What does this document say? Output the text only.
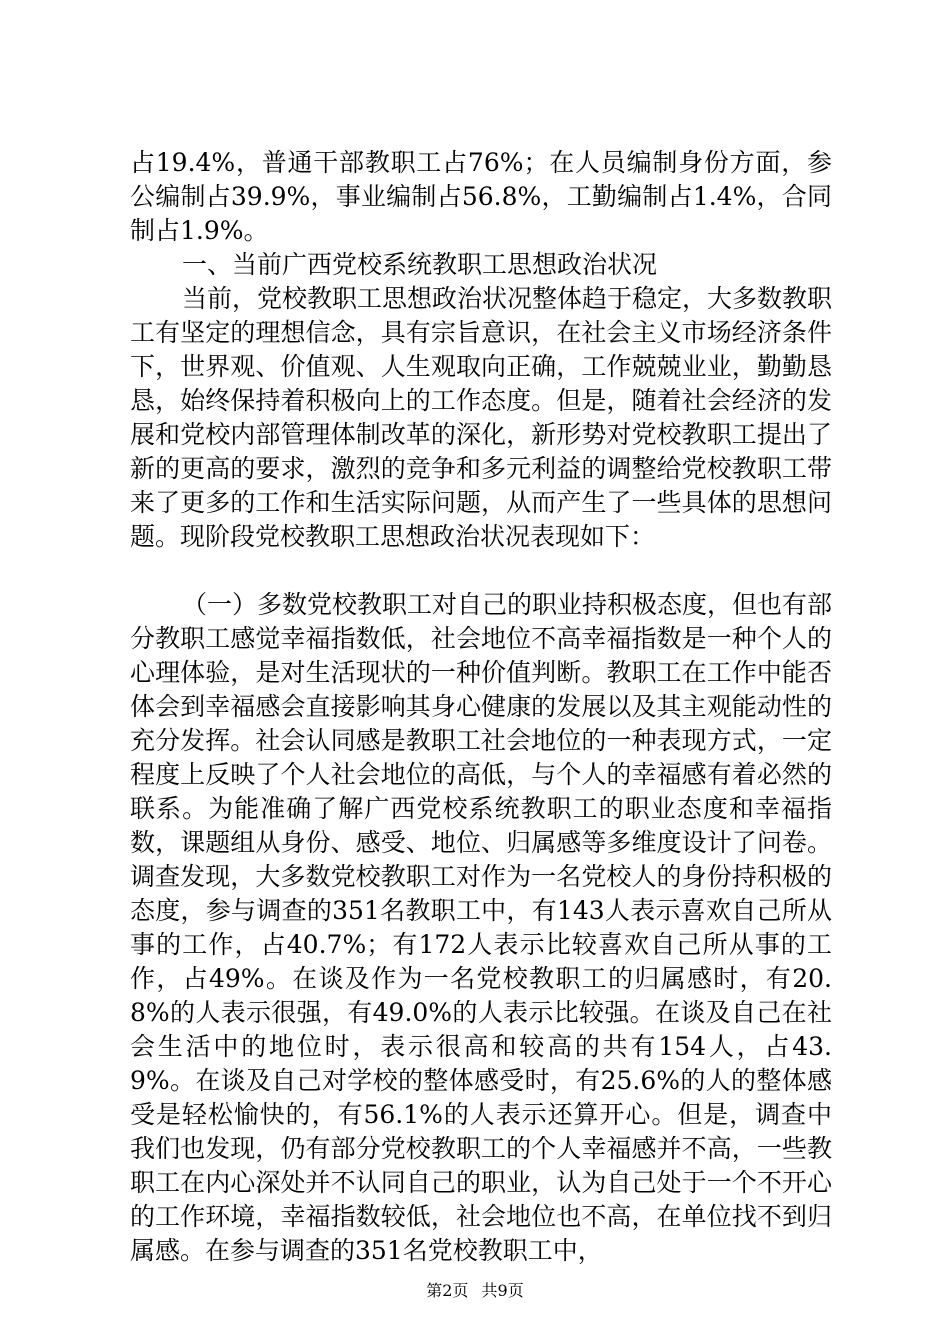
占19.4%，普通干部教职工占76%；在人员编制身份方面，参公编制占39.9%，事业编制占56.8%，工勤编制占1.4%，合同制占1.9%。

一、当前广西党校系统教职工思想政治状况

当前，党校教职工思想政治状况整体趋于稳定，大多数教职工有坚定的理想信念，具有宗旨意识，在社会主义市场经济条件下，世界观、价值观、人生观取向正确，工作兢兢业业，勤勤恳恳，始终保持着积极向上的工作态度。但是，随着社会经济的发展和党校内部管理体制改革的深化，新形势对党校教职工提出了新的更高的要求，激烈的竞争和多元利益的调整给党校教职工带来了更多的工作和生活实际问题，从而产生了一些具体的思想问题。现阶段党校教职工思想政治状况表现如下：

（一）多数党校教职工对自己的职业持积极态度，但也有部分教职工感觉幸福指数低，社会地位不高幸福指数是一种个人的心理体验，是对生活现状的一种价值判断。教职工在工作中能否体会到幸福感会直接影响其身心健康的发展以及其主观能动性的充分发挥。社会认同感是教职工社会地位的一种表现方式，一定程度上反映了个人社会地位的高低，与个人的幸福感有着必然的联系。为能准确了解广西党校系统教职工的职业态度和幸福指数，课题组从身份、感受、地位、归属感等多维度设计了问卷。调查发现，大多数党校教职工对作为一名党校人的身份持积极的态度，参与调查的351名教职工中，有143人表示喜欢自己所从事的工作，占40.7%；有172人表示比较喜欢自己所从事的工作，占49%。在谈及作为一名党校教职工的归属感时，有20.8%的人表示很强，有49.0%的人表示比较强。在谈及自己在社会生活中的地位时，表示很高和较高的共有154人，占43.9%。在谈及自己对学校的整体感受时，有25.6%的人的整体感受是轻松愉快的，有56.1%的人表示还算开心。但是，调查中我们也发现，仍有部分党校教职工的个人幸福感并不高，一些教职工在内心深处并不认同自己的职业，认为自己处于一个不开心的工作环境，幸福指数较低，社会地位也不高，在单位找不到归属感。在参与调查的351名党校教职工中，

第2页 共9页
